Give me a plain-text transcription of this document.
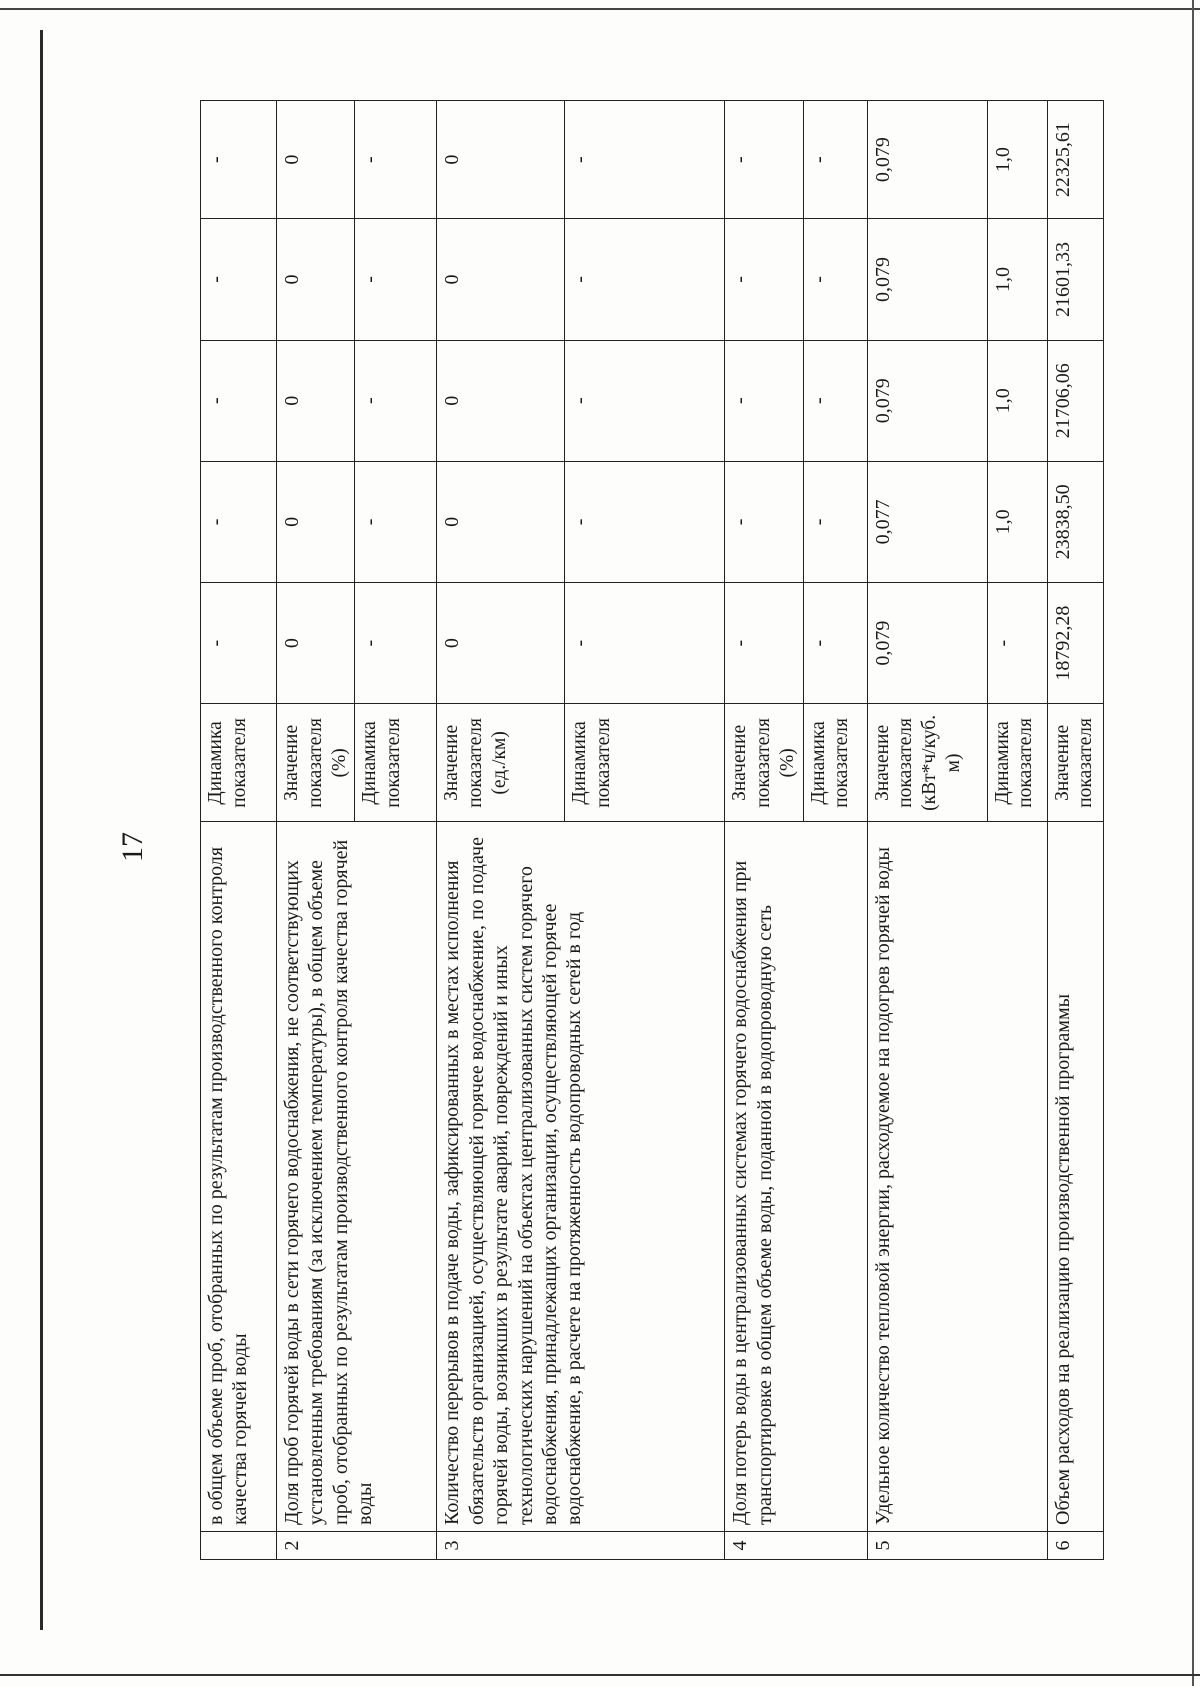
17
		в общем объеме проб, отобранных по результатам производственного контроля качества горячей воды	Динамика показателя	-	-	-	-	-
2	Доля проб горячей воды в сети горячего водоснабжения, не соответствующих установленным требованиям (за исключением температуры), в общем объеме проб, отобранных по результатам производственного контроля качества горячей воды	Значение показателя (%)	0	0	0	0	0
		Динамика показателя	-	-	-	-	-
3	Количество перерывов в подаче воды, зафиксированных в местах исполнения обязательств организацией, осуществляющей горячее водоснабжение, по подаче горячей воды, возникших в результате аварий, повреждений и иных технологических нарушений на объектах централизованных систем горячего водоснабжения, принадлежащих организации, осуществляющей горячее водоснабжение, в расчете на протяженность водопроводных сетей в год	Значение показателя (ед./км)	0	0	0	0	0
		Динамика показателя	-	-	-	-	-
4	Доля потерь воды в централизованных системах горячего водоснабжения при транспортировке в общем объеме воды, поданной в водопроводную сеть	Значение показателя (%)	-	-	-	-	-
		Динамика показателя	-	-	-	-	-
5	Удельное количество тепловой энергии, расходуемое на подогрев горячей воды	Значение показателя (кВт*ч/куб. м)	0,079	0,077	0,079	0,079	0,079
		Динамика показателя	-	1,0	1,0	1,0	1,0
6	Объем расходов на реализацию производственной программы	Значение показателя	18792,28	23838,50	21706,06	21601,33	22325,61
